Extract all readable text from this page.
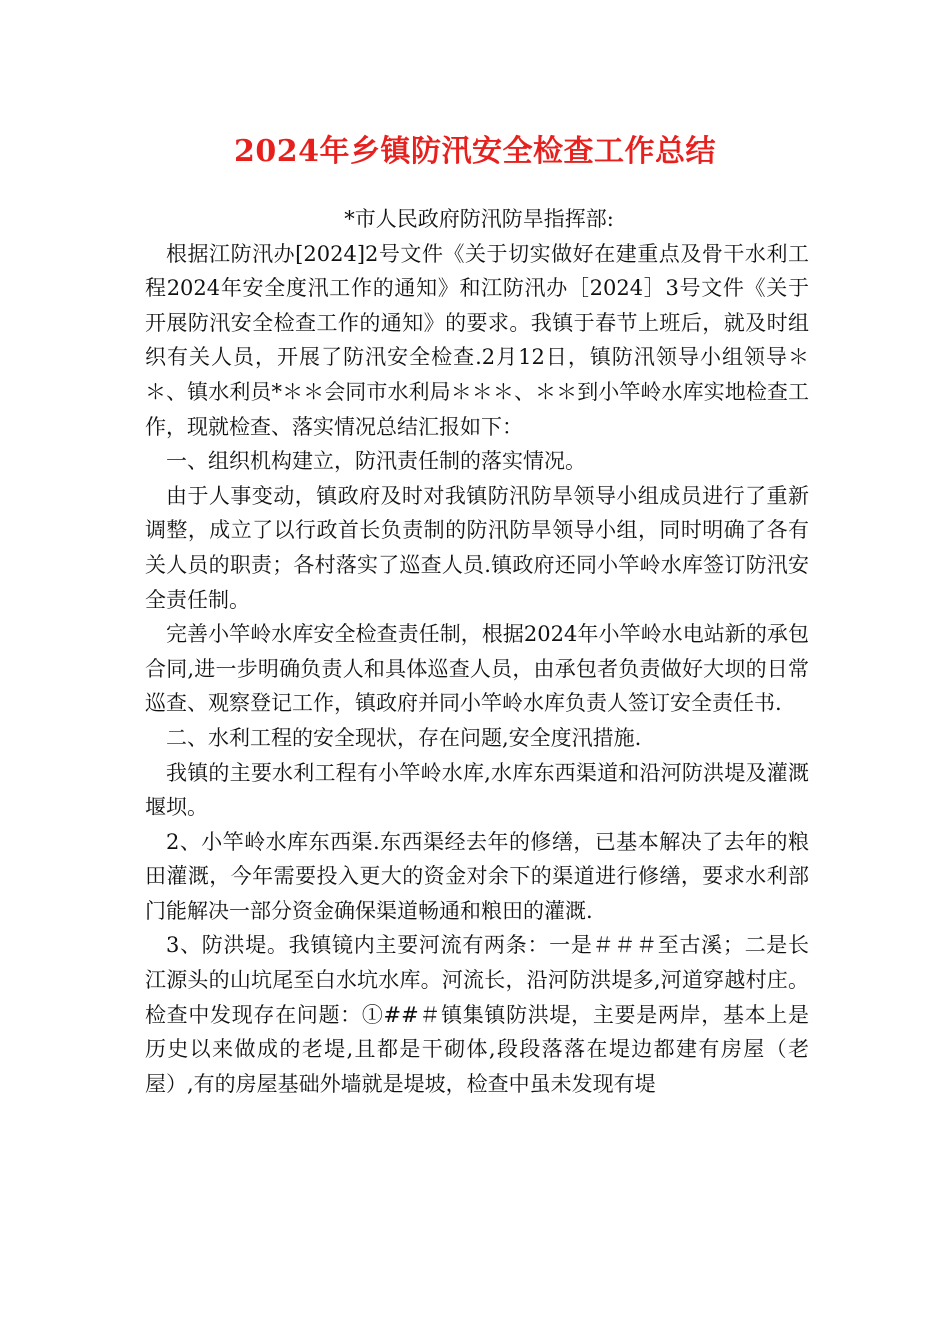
2024年乡镇防汛安全检查工作总结

*市人民政府防汛防旱指挥部:

根据江防汛办[2024]2号文件《关于切实做好在建重点及骨干水利工程2024年安全度汛工作的通知》和江防汛办［2024］3号文件《关于开展防汛安全检查工作的通知》的要求。我镇于春节上班后，就及时组织有关人员，开展了防汛安全检查.2月12日，镇防汛领导小组领导＊＊、镇水利员*＊＊会同市水利局＊＊＊、＊＊到小竿岭水库实地检查工作，现就检查、落实情况总结汇报如下：

一、组织机构建立，防汛责任制的落实情况。

由于人事变动，镇政府及时对我镇防汛防旱领导小组成员进行了重新调整，成立了以行政首长负责制的防汛防旱领导小组，同时明确了各有关人员的职责；各村落实了巡查人员.镇政府还同小竿岭水库签订防汛安全责任制。

完善小竿岭水库安全检查责任制，根据2024年小竿岭水电站新的承包合同,进一步明确负责人和具体巡查人员，由承包者负责做好大坝的日常巡查、观察登记工作，镇政府并同小竿岭水库负责人签订安全责任书.

二、水利工程的安全现状，存在问题,安全度汛措施.

我镇的主要水利工程有小竿岭水库,水库东西渠道和沿河防洪堤及灌溉堰坝。

2、小竿岭水库东西渠.东西渠经去年的修缮，已基本解决了去年的粮田灌溉，今年需要投入更大的资金对余下的渠道进行修缮，要求水利部门能解决一部分资金确保渠道畅通和粮田的灌溉.

3、防洪堤。我镇镜内主要河流有两条：一是＃＃＃至古溪；二是长江源头的山坑尾至白水坑水库。河流长，沿河防洪堤多,河道穿越村庄。检查中发现存在问题：①##＃镇集镇防洪堤，主要是两岸，基本上是历史以来做成的老堤,且都是干砌体,段段落落在堤边都建有房屋（老屋）,有的房屋基础外墙就是堤坡，检查中虽未发现有堤
